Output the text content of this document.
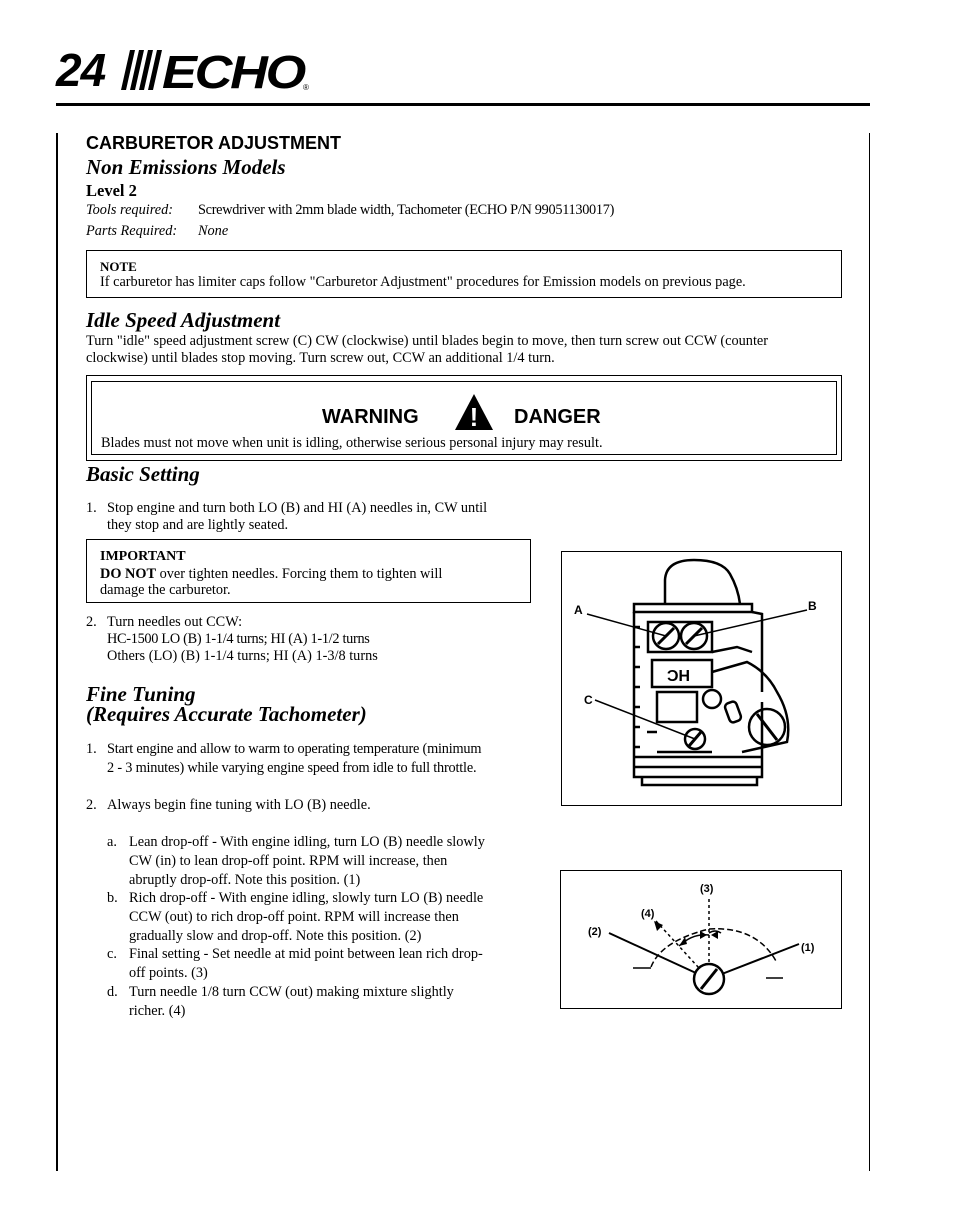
24 ECHO
®
CARBURETOR ADJUSTMENT
Non Emissions Models
Level 2
Tools required: Screwdriver with 2mm blade width, Tachometer (ECHO P/N 99051130017)
Parts Required: None
NOTE
If carburetor has limiter caps follow "Carburetor Adjustment" procedures for Emission models on previous page.
Idle Speed Adjustment
Turn "idle" speed adjustment screw (C) CW (clockwise) until blades begin to move, then turn screw out CCW (counter
clockwise) until blades stop moving. Turn screw out, CCW an additional 1/4 turn.
WARNING ! DANGER
Blades must not move when unit is idling, otherwise serious personal injury may result.
Basic Setting
1. Stop engine and turn both LO (B) and HI (A) needles in, CW until
they stop and are lightly seated.
IMPORTANT
DO NOT over tighten needles. Forcing them to tighten will
damage the carburetor.
2. Turn needles out CCW:
HC-1500 LO (B) 1-1/4 turns; HI (A) 1-1/2 turns
Others (LO) (B) 1-1/4 turns; HI (A) 1-3/8 turns
Fine Tuning
(Requires Accurate Tachometer)
1. Start engine and allow to warm to operating temperature (minimum
2 - 3 minutes) while varying engine speed from idle to full throttle.
2. Always begin fine tuning with LO (B) needle.
a. Lean drop-off - With engine idling, turn LO (B) needle slowly
CW (in) to lean drop-off point. RPM will increase, then
abruptly drop-off. Note this position. (1)
b. Rich drop-off - With engine idling, slowly turn LO (B) needle
CCW (out) to rich drop-off point. RPM will increase then
gradually slow and drop-off. Note this position. (2)
c. Final setting - Set needle at mid point between lean rich drop-
off points. (3)
d. Turn needle 1/8 turn CCW (out) making mixture slightly
richer. (4)
HC
A	B
C
(3)
(4)
(2)
(1)
